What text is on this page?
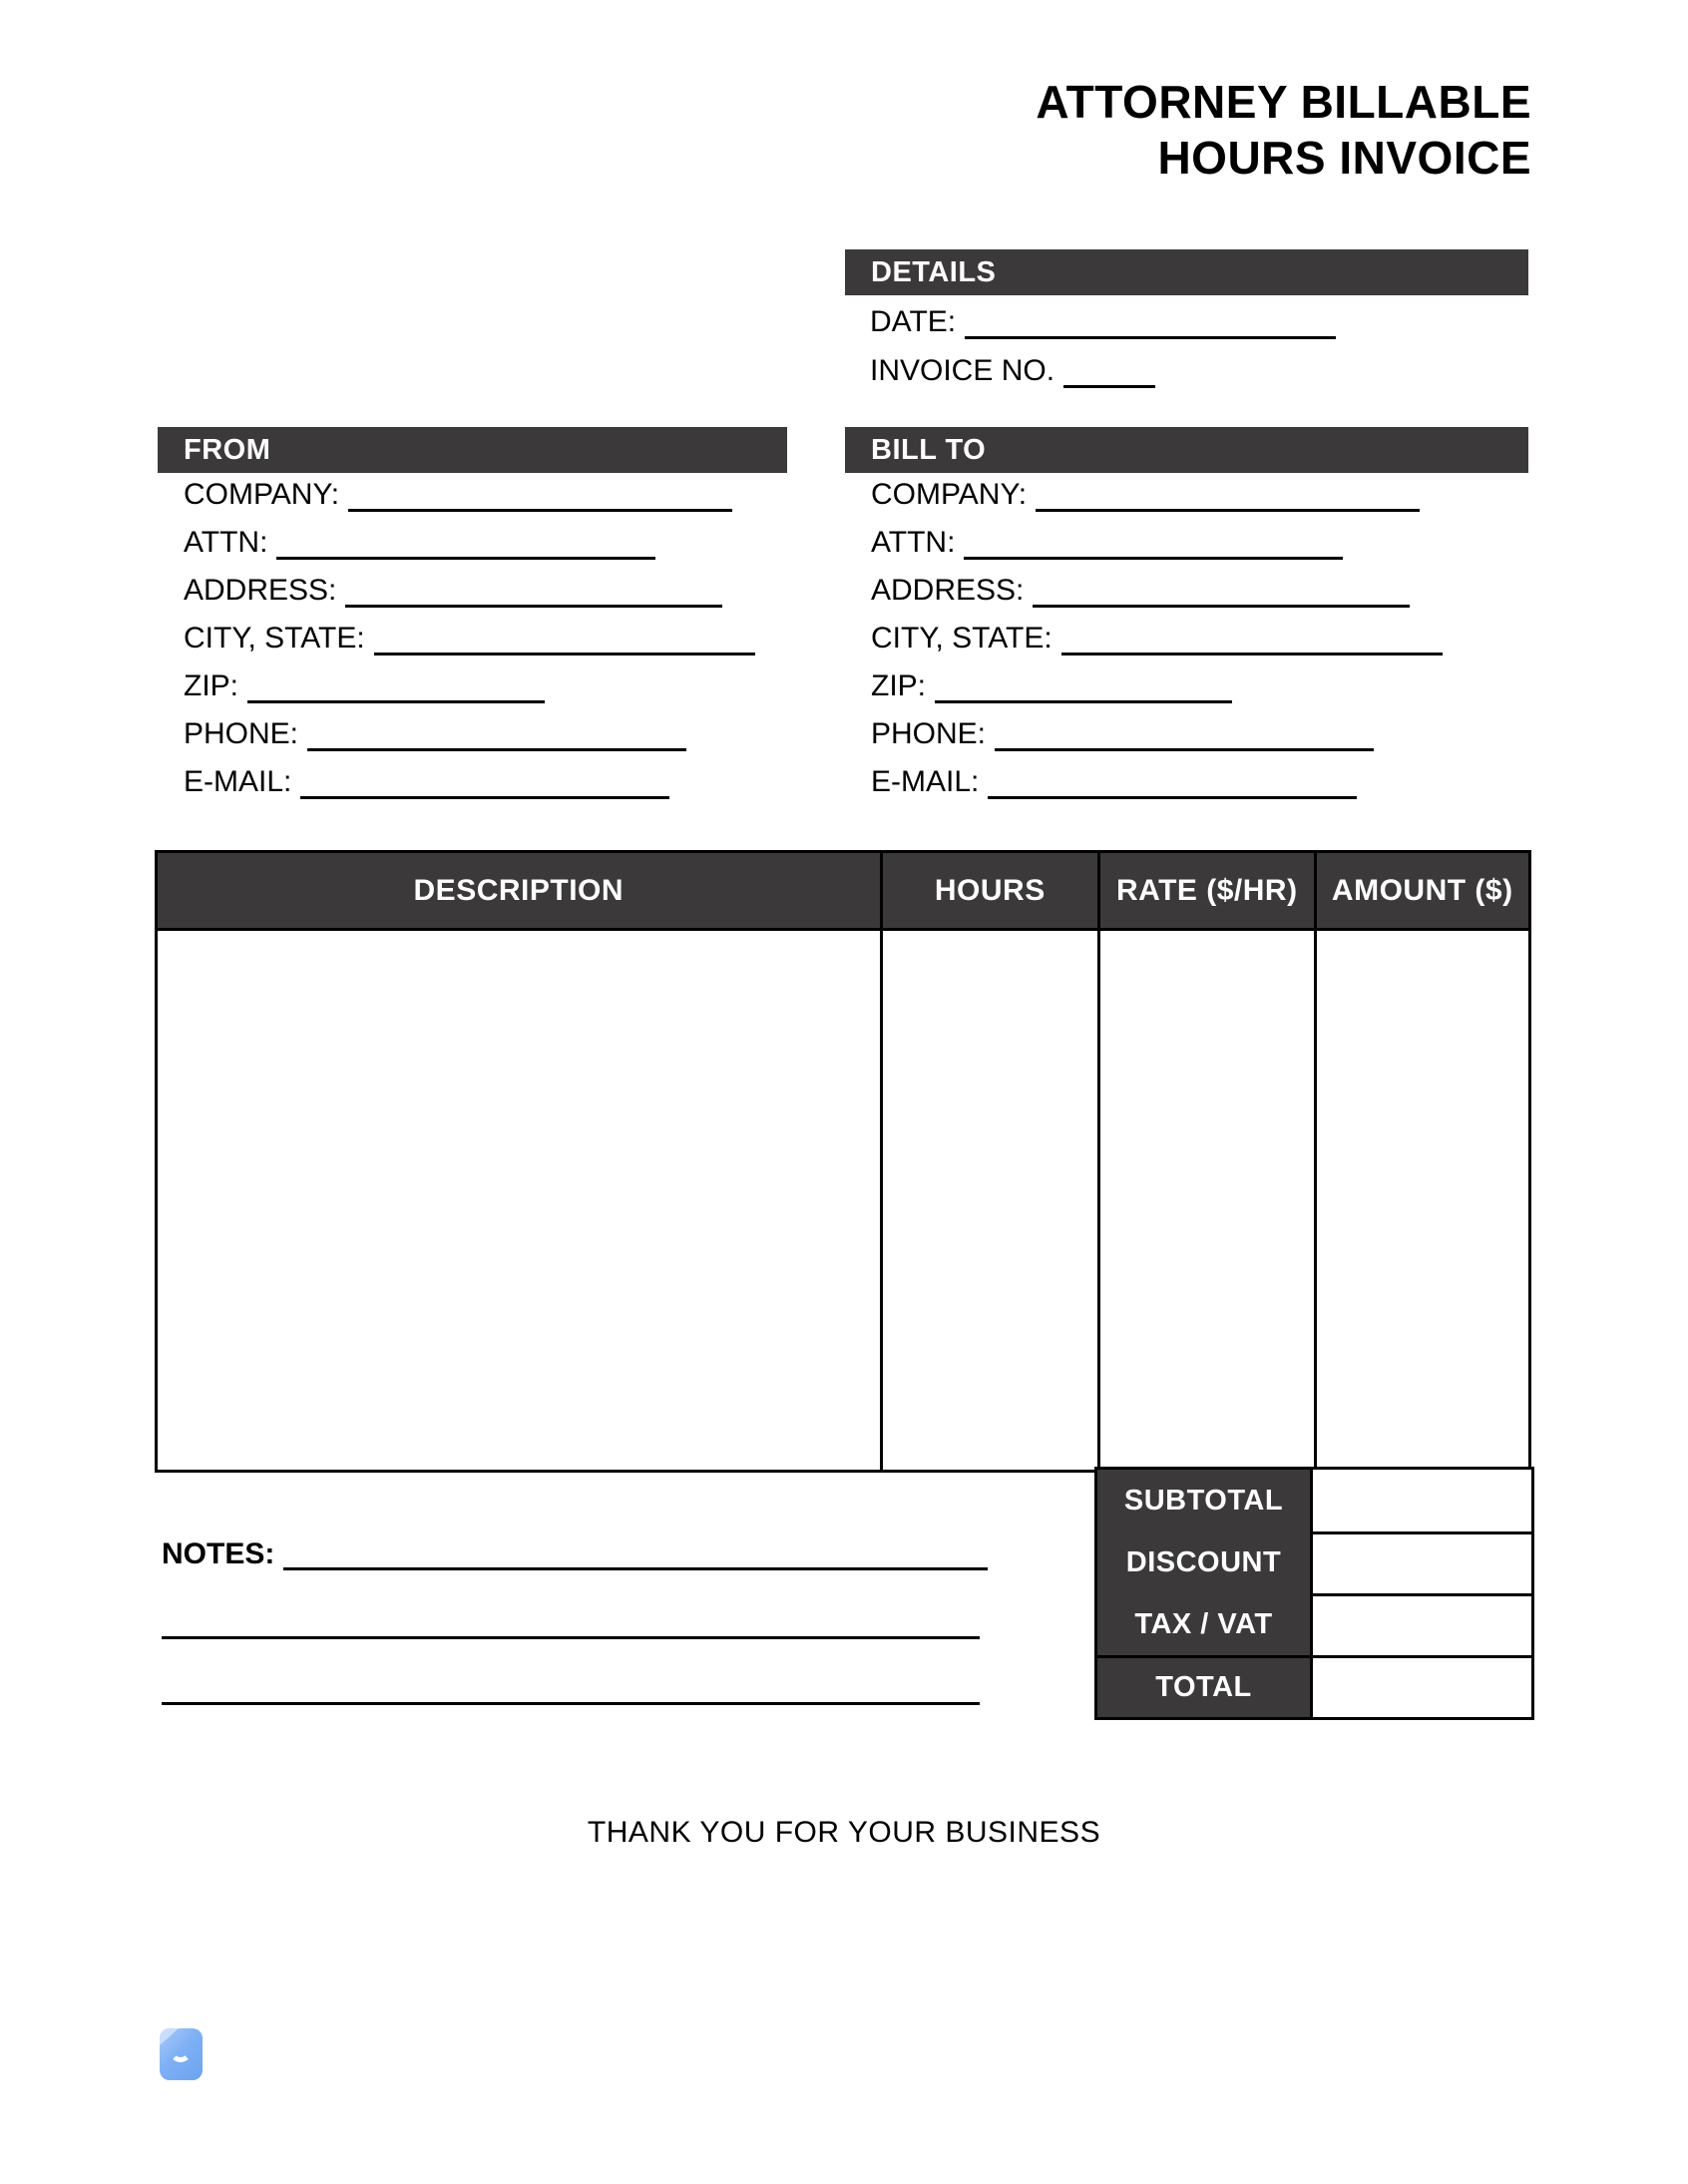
ATTORNEY BILLABLE
HOURS INVOICE
DETAILS
DATE:
INVOICE NO.
FROM
COMPANY:
ATTN:
ADDRESS:
CITY, STATE:
ZIP:
PHONE:
E-MAIL:
BILL TO
COMPANY:
ATTN:
ADDRESS:
CITY, STATE:
ZIP:
PHONE:
E-MAIL:
DESCRIPTION	HOURS	RATE ($/HR)	AMOUNT ($)

SUBTOTAL
DISCOUNT
TAX / VAT
TOTAL
NOTES:
THANK YOU FOR YOUR BUSINESS
